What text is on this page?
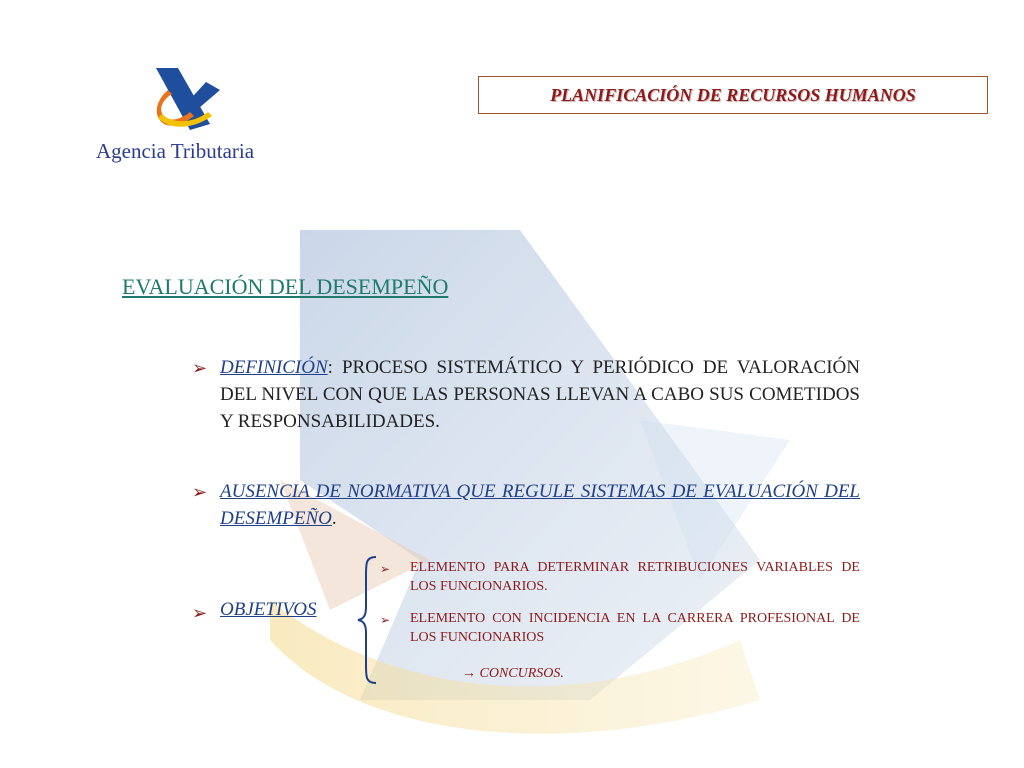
Agencia Tributaria
PLANIFICACIÓN DE RECURSOS HUMANOS
EVALUACIÓN DEL DESEMPEÑO
➢ DEFINICIÓN: PROCESO SISTEMÁTICO Y PERIÓDICO DE VALORACIÓN DEL NIVEL CON QUE LAS PERSONAS LLEVAN A CABO SUS COMETIDOS Y RESPONSABILIDADES.
➢ AUSENCIA DE NORMATIVA QUE REGULE SISTEMAS DE EVALUACIÓN DEL DESEMPEÑO.
➢ OBJETIVOS
➢ ELEMENTO PARA DETERMINAR RETRIBUCIONES VARIABLES DE LOS FUNCIONARIOS.
➢ ELEMENTO CON INCIDENCIA EN LA CARRERA PROFESIONAL DE LOS FUNCIONARIOS
→ CONCURSOS.
